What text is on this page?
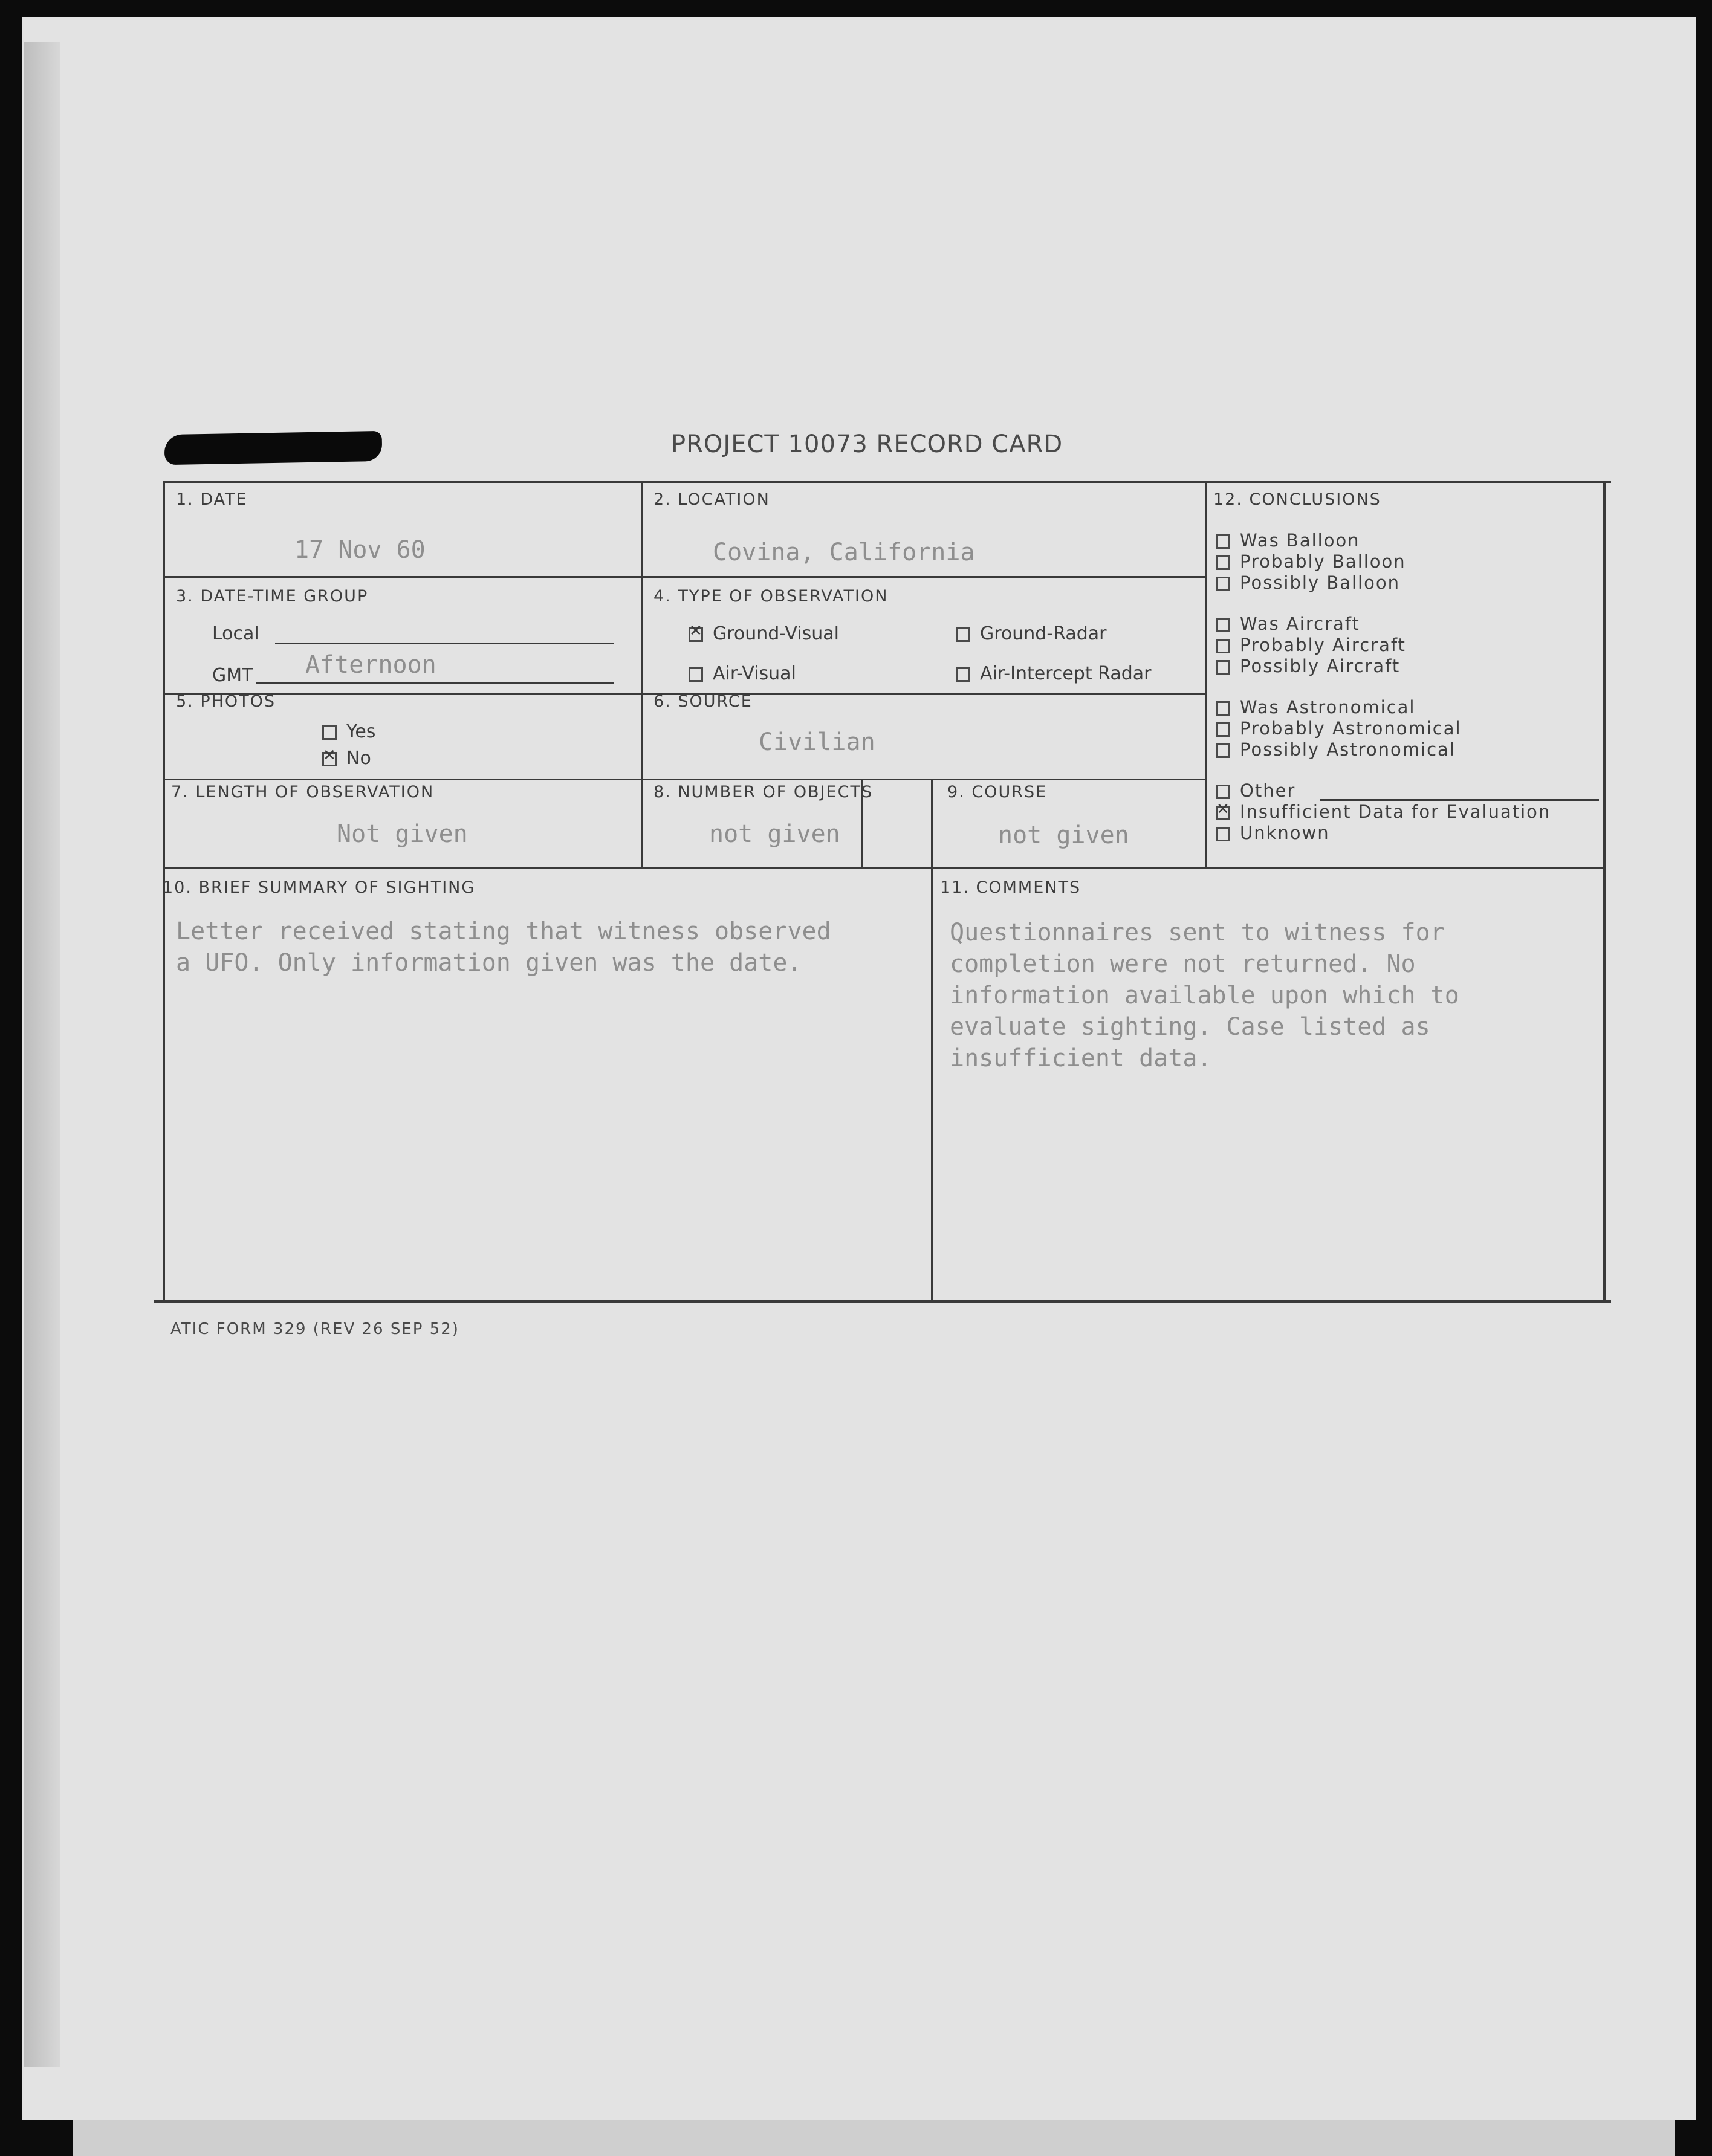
PROJECT 10073 RECORD CARD
1. DATE
17 Nov 60
2. LOCATION
Covina, California
3. DATE-TIME GROUP
Local
GMT Afternoon
4. TYPE OF OBSERVATION
✕Ground-Visual	Ground-Radar
Air-Visual	Air-Intercept Radar
5. PHOTOS
Yes
✕No
6. SOURCE
Civilian
7. LENGTH OF OBSERVATION
Not given
8. NUMBER OF OBJECTS
not given
9. COURSE
not given
10. BRIEF SUMMARY OF SIGHTING
Letter received stating that witness observed
a UFO. Only information given was the date.
11. COMMENTS
Questionnaires sent to witness for
completion were not returned. No
information available upon which to
evaluate sighting. Case listed as
insufficient data.
12. CONCLUSIONS
Was Balloon
Probably Balloon
Possibly Balloon
Was Aircraft
Probably Aircraft
Possibly Aircraft
Was Astronomical
Probably Astronomical
Possibly Astronomical
Other
✕Insufficient Data for Evaluation
Unknown
ATIC FORM 329 (REV 26 SEP 52)
